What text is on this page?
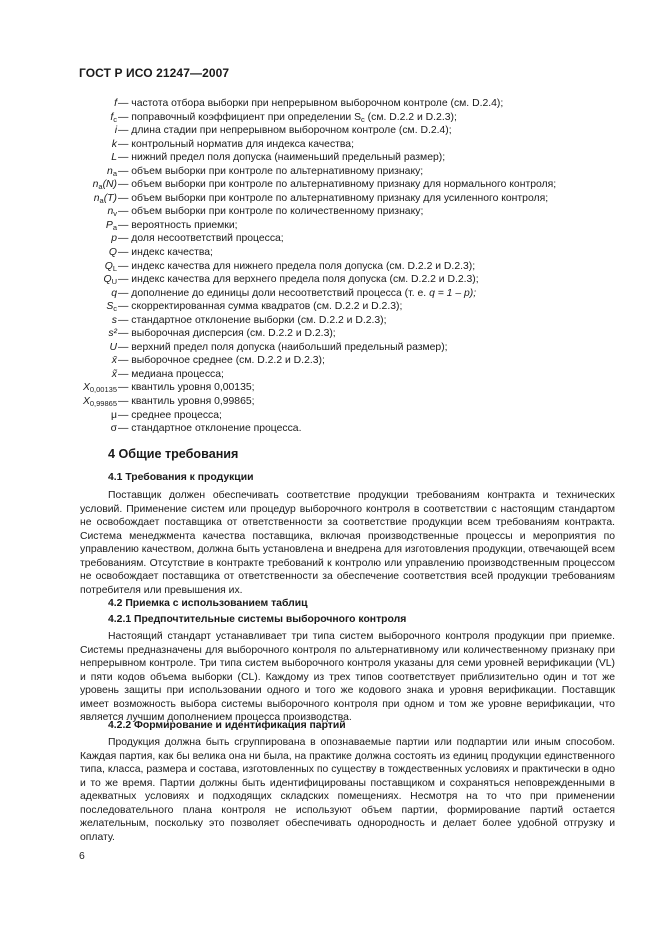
ГОСТ Р ИСО 21247—2007
f — частота отбора выборки при непрерывном выборочном контроле (см. D.2.4);
$f_c$ — поправочный коэффициент при определении $S_c$ (см. D.2.2 и D.2.3);
i — длина стадии при непрерывном выборочном контроле (см. D.2.4);
k — контрольный норматив для индекса качества;
L — нижний предел поля допуска (наименьший предельный размер);
$n_a$ — объем выборки при контроле по альтернативному признаку;
$n_a(N)$ — объем выборки при контроле по альтернативному признаку для нормального контроля;
$n_a(T)$ — объем выборки при контроле по альтернативному признаку для усиленного контроля;
$n_v$ — объем выборки при контроле по количественному признаку;
$P_a$ — вероятность приемки;
p — доля несоответствий процесса;
Q — индекс качества;
$Q_L$ — индекс качества для нижнего предела поля допуска (см. D.2.2 и D.2.3);
$Q_U$ — индекс качества для верхнего предела поля допуска (см. D.2.2 и D.2.3);
q — дополнение до единицы доли несоответствий процесса (т. е. q = 1 – p);
$S_c$ — скорректированная сумма квадратов (см. D.2.2 и D.2.3);
s — стандартное отклонение выборки (см. D.2.2 и D.2.3);
s² — выборочная дисперсия (см. D.2.2 и D.2.3);
U — верхний предел поля допуска (наибольший предельный размер);
x̄ — выборочное среднее (см. D.2.2 и D.2.3);
x̃ — медиана процесса;
$X_{0,00135}$ — квантиль уровня 0,00135;
$X_{0,99865}$ — квантиль уровня 0,99865;
μ — среднее процесса;
σ — стандартное отклонение процесса.
4 Общие требования
4.1 Требования к продукции
Поставщик должен обеспечивать соответствие продукции требованиям контракта и технических условий. Применение систем или процедур выборочного контроля в соответствии с настоящим стандартом не освобождает поставщика от ответственности за соответствие продукции всем требованиям контракта. Система менеджмента качества поставщика, включая производственные процессы и мероприятия по управлению качеством, должна быть установлена и внедрена для изготовления продукции, отвечающей всем требованиям. Отсутствие в контракте требований к контролю или управлению производственным процессом не освобождает поставщика от ответственности за обеспечение соответствия всей продукции требованиям потребителя или превышения их.
4.2 Приемка с использованием таблиц
4.2.1 Предпочтительные системы выборочного контроля
Настоящий стандарт устанавливает три типа систем выборочного контроля продукции при приемке. Системы предназначены для выборочного контроля по альтернативному или количественному признаку при непрерывном контроле. Три типа систем выборочного контроля указаны для семи уровней верификации (VL) и пяти кодов объема выборки (CL). Каждому из трех типов соответствует приблизительно один и тот же уровень защиты при использовании одного и того же кодового знака и уровня верификации. Поставщик имеет возможность выбора системы выборочного контроля при одном и том же уровне верификации, что является лучшим дополнением процесса производства.
4.2.2 Формирование и идентификация партий
Продукция должна быть сгруппирована в опознаваемые партии или подпартии или иным способом. Каждая партия, как бы велика она ни была, на практике должна состоять из единиц продукции единственного типа, класса, размера и состава, изготовленных по существу в тождественных условиях и практически в одно и то же время. Партии должны быть идентифицированы поставщиком и сохраняться неповрежденными в адекватных условиях и подходящих складских помещениях. Несмотря на то что при применении последовательного плана контроля не используют объем партии, формирование партий остается желательным, поскольку это позволяет обеспечивать однородность и делает более удобной отгрузку и оплату.
6
